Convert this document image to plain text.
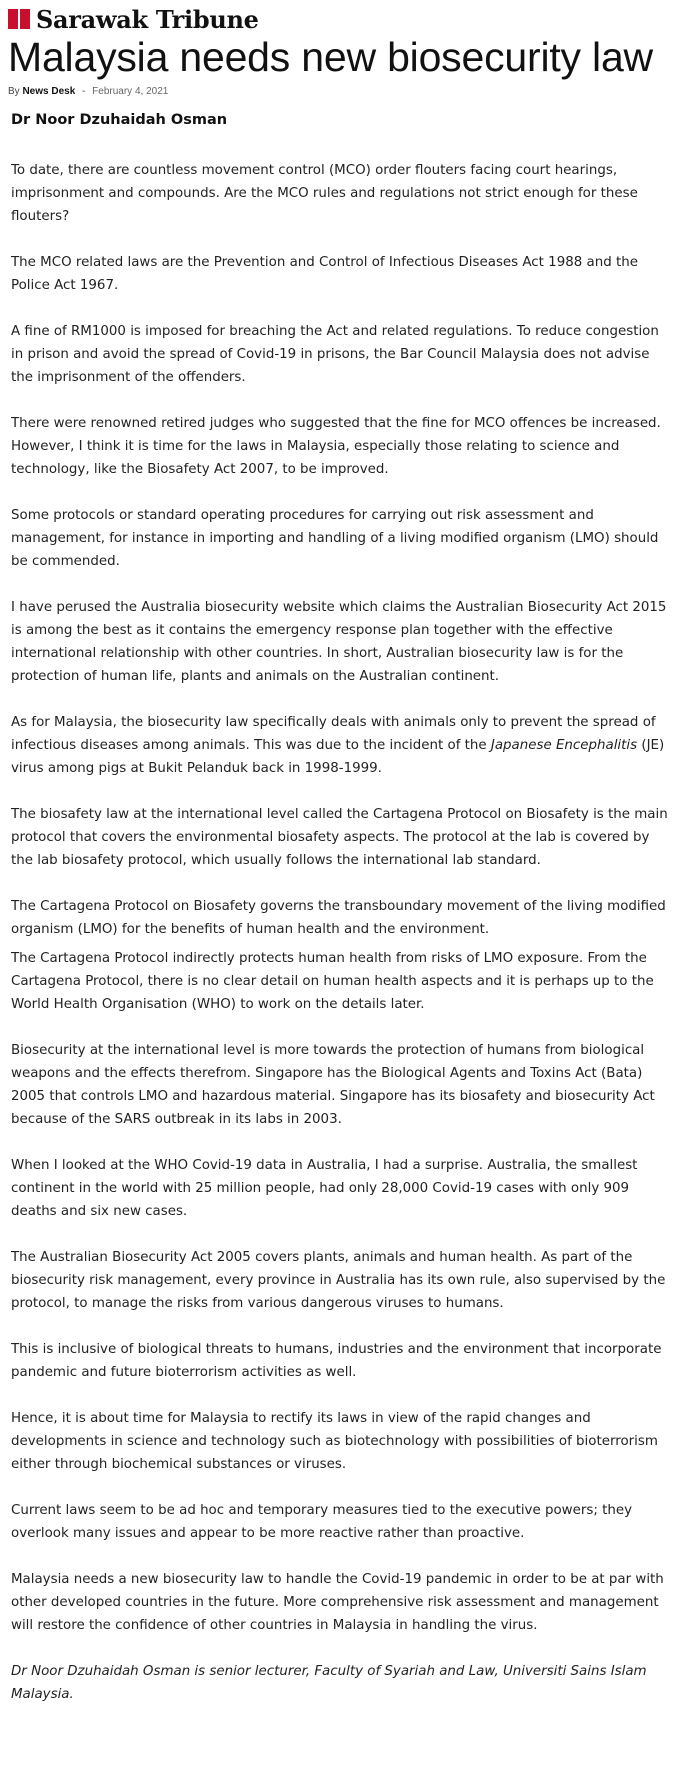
Sarawak Tribune
Malaysia needs new biosecurity law
By News Desk - February 4, 2021

Dr Noor Dzuhaidah Osman

To date, there are countless movement control (MCO) order flouters facing court hearings, imprisonment and compounds. Are the MCO rules and regulations not strict enough for these flouters?

The MCO related laws are the Prevention and Control of Infectious Diseases Act 1988 and the Police Act 1967.

A fine of RM1000 is imposed for breaching the Act and related regulations. To reduce congestion in prison and avoid the spread of Covid-19 in prisons, the Bar Council Malaysia does not advise the imprisonment of the offenders.

There were renowned retired judges who suggested that the fine for MCO offences be increased. However, I think it is time for the laws in Malaysia, especially those relating to science and technology, like the Biosafety Act 2007, to be improved.

Some protocols or standard operating procedures for carrying out risk assessment and management, for instance in importing and handling of a living modified organism (LMO) should be commended.

I have perused the Australia biosecurity website which claims the Australian Biosecurity Act 2015 is among the best as it contains the emergency response plan together with the effective international relationship with other countries. In short, Australian biosecurity law is for the protection of human life, plants and animals on the Australian continent.

As for Malaysia, the biosecurity law specifically deals with animals only to prevent the spread of infectious diseases among animals. This was due to the incident of the Japanese Encephalitis (JE) virus among pigs at Bukit Pelanduk back in 1998-1999.

The biosafety law at the international level called the Cartagena Protocol on Biosafety is the main protocol that covers the environmental biosafety aspects. The protocol at the lab is covered by the lab biosafety protocol, which usually follows the international lab standard.

The Cartagena Protocol on Biosafety governs the transboundary movement of the living modified organism (LMO) for the benefits of human health and the environment.

The Cartagena Protocol indirectly protects human health from risks of LMO exposure. From the Cartagena Protocol, there is no clear detail on human health aspects and it is perhaps up to the World Health Organisation (WHO) to work on the details later.

Biosecurity at the international level is more towards the protection of humans from biological weapons and the effects therefrom. Singapore has the Biological Agents and Toxins Act (Bata) 2005 that controls LMO and hazardous material. Singapore has its biosafety and biosecurity Act because of the SARS outbreak in its labs in 2003.

When I looked at the WHO Covid-19 data in Australia, I had a surprise. Australia, the smallest continent in the world with 25 million people, had only 28,000 Covid-19 cases with only 909 deaths and six new cases.

The Australian Biosecurity Act 2005 covers plants, animals and human health. As part of the biosecurity risk management, every province in Australia has its own rule, also supervised by the protocol, to manage the risks from various dangerous viruses to humans.

This is inclusive of biological threats to humans, industries and the environment that incorporate pandemic and future bioterrorism activities as well.

Hence, it is about time for Malaysia to rectify its laws in view of the rapid changes and developments in science and technology such as biotechnology with possibilities of bioterrorism either through biochemical substances or viruses.

Current laws seem to be ad hoc and temporary measures tied to the executive powers; they overlook many issues and appear to be more reactive rather than proactive.

Malaysia needs a new biosecurity law to handle the Covid-19 pandemic in order to be at par with other developed countries in the future. More comprehensive risk assessment and management will restore the confidence of other countries in Malaysia in handling the virus.

Dr Noor Dzuhaidah Osman is senior lecturer, Faculty of Syariah and Law, Universiti Sains Islam Malaysia.
